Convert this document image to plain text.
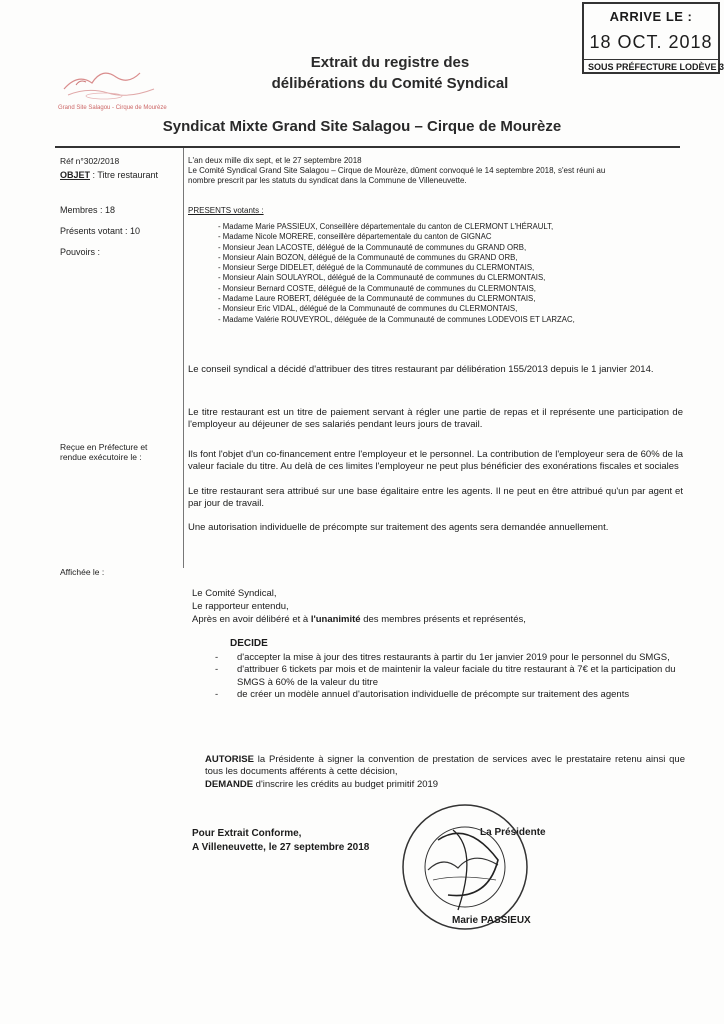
ARRIVE LE :
18 OCT. 2018
SOUS PRÉFECTURE LODÈVE 3
Grand Site Salagou - Cirque de Mourèze
Extrait du registre des
délibérations du Comité Syndical
Syndicat Mixte Grand Site Salagou – Cirque de Mourèze
Réf n°302/2018
OBJET : Titre restaurant
Membres : 18
Présents votant : 10
Pouvoirs :
Reçue en Préfecture et
rendue exécutoire le :
Affichée le :
L'an deux mille dix sept, et le 27 septembre 2018
Le Comité Syndical Grand Site Salagou – Cirque de Mourèze, dûment convoqué le 14 septembre 2018, s'est réuni au
nombre prescrit par les statuts du syndicat dans la Commune de Villeneuvette.
PRESENTS votants :
- Madame Marie PASSIEUX, Conseillère départementale du canton de CLERMONT L'HÉRAULT,
- Madame Nicole MORERE, conseillère départementale du canton de GIGNAC
- Monsieur Jean LACOSTE, délégué de la Communauté de communes du GRAND ORB,
- Monsieur Alain BOZON, délégué de la Communauté de communes du GRAND ORB,
- Monsieur Serge DIDELET, délégué de la Communauté de communes du CLERMONTAIS,
- Monsieur Alain SOULAYROL, délégué de la Communauté de communes du CLERMONTAIS,
- Monsieur Bernard COSTE, délégué de la Communauté de communes du CLERMONTAIS,
- Madame Laure ROBERT, déléguée de la Communauté de communes du CLERMONTAIS,
- Monsieur Eric VIDAL, délégué de la Communauté de communes du CLERMONTAIS,
- Madame Valérie ROUVEYROL, déléguée de la Communauté de communes LODEVOIS ET LARZAC,
Le conseil syndical a décidé d'attribuer des titres restaurant par délibération 155/2013 depuis le 1 janvier 2014.
Le titre restaurant est un titre de paiement servant à régler une partie de repas et il représente une participation de l'employeur au déjeuner de ses salariés pendant leurs jours de travail.
Ils font l'objet d'un co-financement entre l'employeur et le personnel. La contribution de l'employeur sera de 60% de la valeur faciale du titre. Au delà de ces limites l'employeur ne peut plus bénéficier des exonérations fiscales et sociales
Le titre restaurant sera attribué sur une base égalitaire entre les agents. Il ne peut en être attribué qu'un par agent et par jour de travail.
Une autorisation individuelle de précompte sur traitement des agents sera demandée annuellement.
Le Comité Syndical,
Le rapporteur entendu,
Après en avoir délibéré et à l'unanimité des membres présents et représentés,
DECIDE
- d'accepter la mise à jour des titres restaurants à partir du 1er janvier 2019 pour le personnel du SMGS,
- d'attribuer 6 tickets par mois et de maintenir la valeur faciale du titre restaurant à 7€ et la participation du SMGS à 60% de la valeur du titre
- de créer un modèle annuel d'autorisation individuelle de précompte sur traitement des agents
AUTORISE la Présidente à signer la convention de prestation de services avec le prestataire retenu ainsi que tous les documents afférents à cette décision,
DEMANDE d'inscrire les crédits au budget primitif 2019
Pour Extrait Conforme,
A Villeneuvette, le 27 septembre 2018
La Présidente
Marie PASSIEUX
